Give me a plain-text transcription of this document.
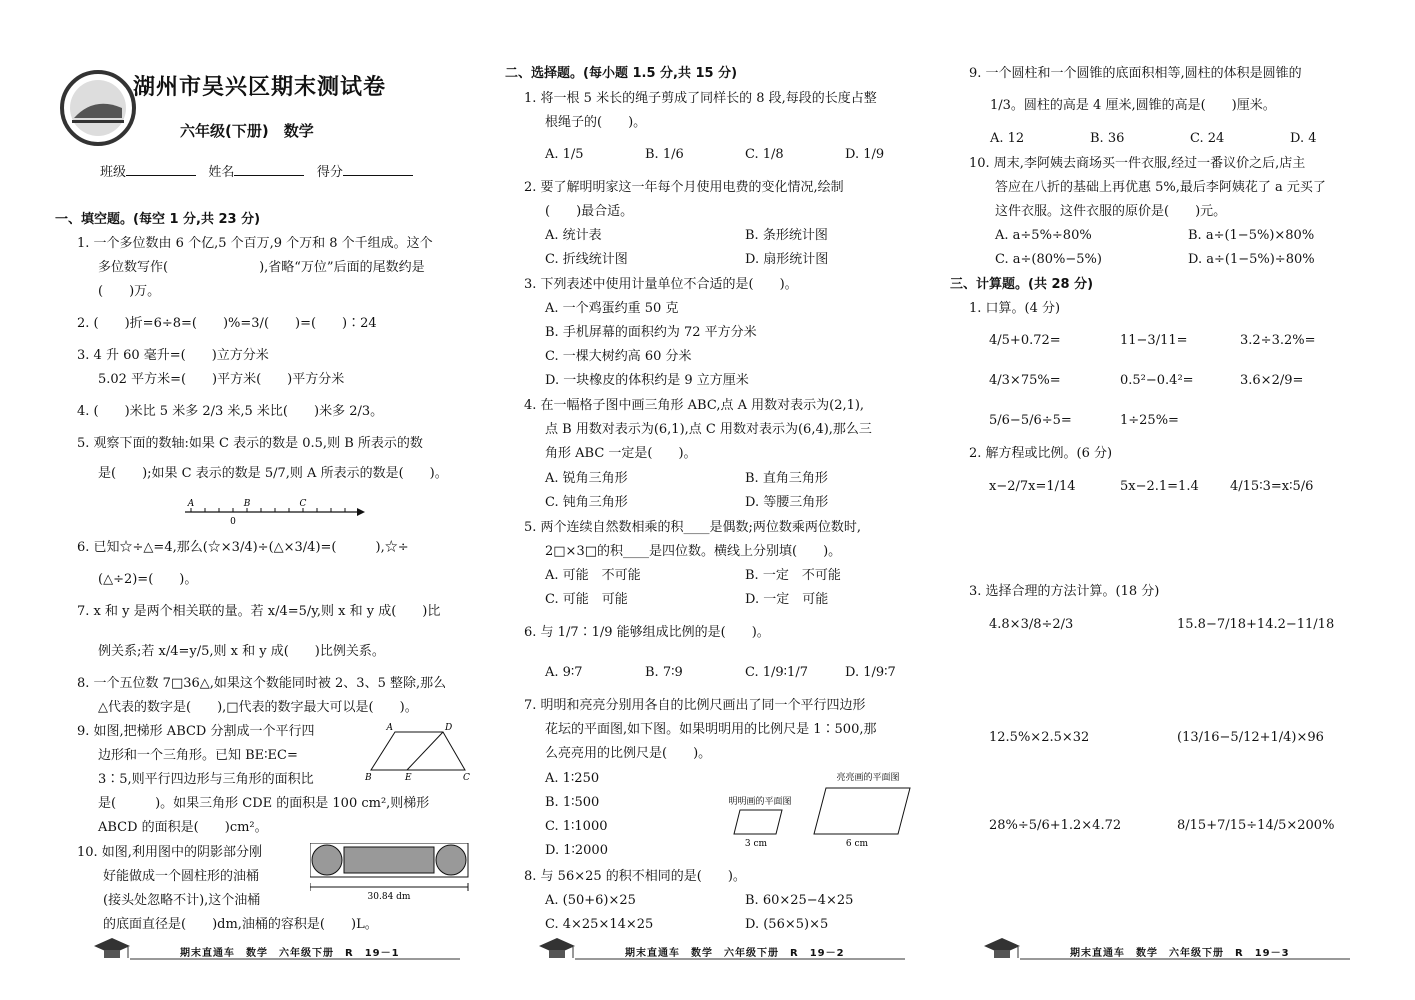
湖州市吴兴区期末测试卷
六年级(下册)　数学
班级	姓名	得分
一、填空题。(每空 1 分,共 23 分)
1. 一个多位数由 6 个亿,5 个百万,9 个万和 8 个千组成。这个
多位数写作(　　　　　　　),省略“万位”后面的尾数约是
(　　)万。
2. (　　)折=6÷8=(　　)%=3/(　　)=(　　)∶24
3. 4 升 60 毫升=(　　)立方分米
5.02 平方米=(　　)平方米(　　)平方分米
4. (　　)米比 5 米多 2/3 米,5 米比(　　)米多 2/3。
5. 观察下面的数轴:如果 C 表示的数是 0.5,则 B 所表示的数
是(　　);如果 C 表示的数是 5/7,则 A 所表示的数是(　　)。
A	B	C
0
6. 已知☆÷△=4,那么(☆×3/4)÷(△×3/4)=(　　　),☆÷
(△÷2)=(　　)。
7. x 和 y 是两个相关联的量。若 x/4=5/y,则 x 和 y 成(　　)比
例关系;若 x/4=y/5,则 x 和 y 成(　　)比例关系。
8. 一个五位数 7□36△,如果这个数能同时被 2、3、5 整除,那么
△代表的数字是(　　),□代表的数字最大可以是(　　)。
9. 如图,把梯形 ABCD 分割成一个平行四
边形和一个三角形。已知 BE∶EC=
3∶5,则平行四边形与三角形的面积比
是(　　　)。如果三角形 CDE 的面积是 100 cm²,则梯形
ABCD 的面积是(　　)cm²。
A	D
B	E	C
10. 如图,利用图中的阴影部分刚
好能做成一个圆柱形的油桶
(接头处忽略不计),这个油桶
的底面直径是(　　)dm,油桶的容积是(　　)L。
30.84 dm
期末直通车　数学　六年级下册　R　19－1
二、选择题。(每小题 1.5 分,共 15 分)
1. 将一根 5 米长的绳子剪成了同样长的 8 段,每段的长度占整
根绳子的(　　)。
A. 1/5	B. 1/6	C. 1/8	D. 1/9
2. 要了解明明家这一年每个月使用电费的变化情况,绘制
(　　)最合适。
A. 统计表	B. 条形统计图
C. 折线统计图	D. 扇形统计图
3. 下列表述中使用计量单位不合适的是(　　)。
A. 一个鸡蛋约重 50 克
B. 手机屏幕的面积约为 72 平方分米
C. 一棵大树约高 60 分米
D. 一块橡皮的体积约是 9 立方厘米
4. 在一幅格子图中画三角形 ABC,点 A 用数对表示为(2,1),
点 B 用数对表示为(6,1),点 C 用数对表示为(6,4),那么三
角形 ABC 一定是(　　)。
A. 锐角三角形	B. 直角三角形
C. 钝角三角形	D. 等腰三角形
5. 两个连续自然数相乘的积____是偶数;两位数乘两位数时,
2□×3□的积____是四位数。横线上分别填(　　)。
A. 可能　不可能	B. 一定　不可能
C. 可能　可能	D. 一定　可能
6. 与 1/7∶1/9 能够组成比例的是(　　)。
A. 9∶7	B. 7∶9	C. 1/9∶1/7	D. 1/9∶7
7. 明明和亮亮分别用各自的比例尺画出了同一个平行四边形
花坛的平面图,如下图。如果明明用的比例尺是 1∶500,那
么亮亮用的比例尺是(　　)。
A. 1∶250
B. 1∶500
C. 1∶1000
D. 1∶2000
明明画的平面图
3 cm
亮亮画的平面图
6 cm
8. 与 56×25 的积不相同的是(　　)。
A. (50+6)×25	B. 60×25−4×25
C. 4×25×14×25	D. (56×5)×5
期末直通车　数学　六年级下册　R　19－2
9. 一个圆柱和一个圆锥的底面积相等,圆柱的体积是圆锥的
1/3。圆柱的高是 4 厘米,圆锥的高是(　　)厘米。
A. 12	B. 36	C. 24	D. 4
10. 周末,李阿姨去商场买一件衣服,经过一番议价之后,店主
答应在八折的基础上再优惠 5%,最后李阿姨花了 a 元买了
这件衣服。这件衣服的原价是(　　)元。
A. a÷5%÷80%	B. a÷(1−5%)×80%
C. a÷(80%−5%)	D. a÷(1−5%)÷80%
三、计算题。(共 28 分)
1. 口算。(4 分)
4/5+0.72=	11−3/11=	3.2÷3.2%=
4/3×75%=	0.5²−0.4²=	3.6×2/9=
5/6−5/6÷5=	1÷25%=
2. 解方程或比例。(6 分)
x−2/7x=1/14	5x−2.1=1.4 4/15∶3=x∶5/6
3. 选择合理的方法计算。(18 分)
4.8×3/8÷2/3	15.8−7/18+14.2−11/18
12.5%×2.5×32	(13/16−5/12+1/4)×96
28%÷5/6+1.2×4.72	8/15+7/15÷14/5×200%
期末直通车　数学　六年级下册　R　19－3
